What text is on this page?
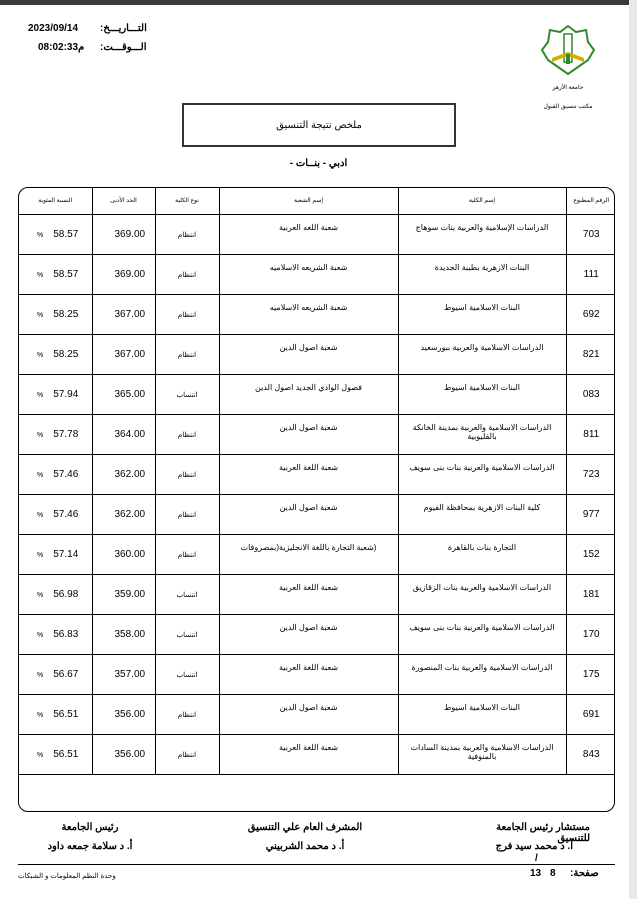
2023/09/14 التـــاريـــخ:
08:02:33م الـــوقـــت:
جامعة الأزهر
مكتب تنسيق القبول
ملخص نتيجة التنسيق
- ادبي - بنــات
الرقم المطبوع	إسم الكلية	إسم الشعبة	نوع الكلية	الحد الأدنى	النسبة المئوية
703	الدراسات الإسلامية والعربية بنات سوهاج	شعبة اللغه العربية	انتظام	369.00	% 58.57
111	البنات الازهرية بطيبة الجديدة	شعبة الشريعه الاسلاميه	انتظام	369.00	% 58.57
692	البنات الاسلامية اسيوط	شعبة الشريعه الاسلاميه	انتظام	367.00	% 58.25
821	الدراسات الاسلامية والعربية ببورسعيد	شعبة اصول الدين	انتظام	367.00	% 58.25
083	البنات الاسلامية اسيوط	فصول الوادي الجديد اصول الدين	انتساب	365.00	% 57.94
811	الدراسات الاسلامية والعربية بمدينة الخانكة بالقليوبية	شعبة اصول الدين	انتظام	364.00	% 57.78
723	الدراسات الاسلامية والعربية بنات بنى سويف	شعبة اللغة العربية	انتظام	362.00	% 57.46
977	كلية البنات الازهرية بمحافظة الفيوم	شعبة اصول الدين	انتظام	362.00	% 57.46
152	التجارة بنات بالقاهرة	(شعبة التجارة باللغة الانجليزية(بمصروفات	انتظام	360.00	% 57.14
181	الدراسات الاسلامية والعربية بنات الزقازيق	شعبة اللغة العربية	انتساب	359.00	% 56.98
170	الدراسات الاسلامية والعربية بنات بنى سويف	شعبة اصول الدين	انتساب	358.00	% 56.83
175	الدراسات الاسلامية والعربية بنات المنصورة	شعبة اللغة العربية	انتساب	357.00	% 56.67
691	البنات الاسلامية اسيوط	شعبة اصول الدين	انتظام	356.00	% 56.51
843	الدراسات الاسلامية والعربية بمدينة السادات بالمنوفية	شعبة اللغة العربية	انتظام	356.00	% 56.51
مستشار رئيس الجامعة للتنسيق
أ. د محمد سيد فرج
/
المشرف العام علي التنسيق
أ. د محمد الشربيني
رئيس الجامعة
أ. د سلامة جمعه داود
صفحة:
8
13
وحدة النظم المعلومات و الشبكات
